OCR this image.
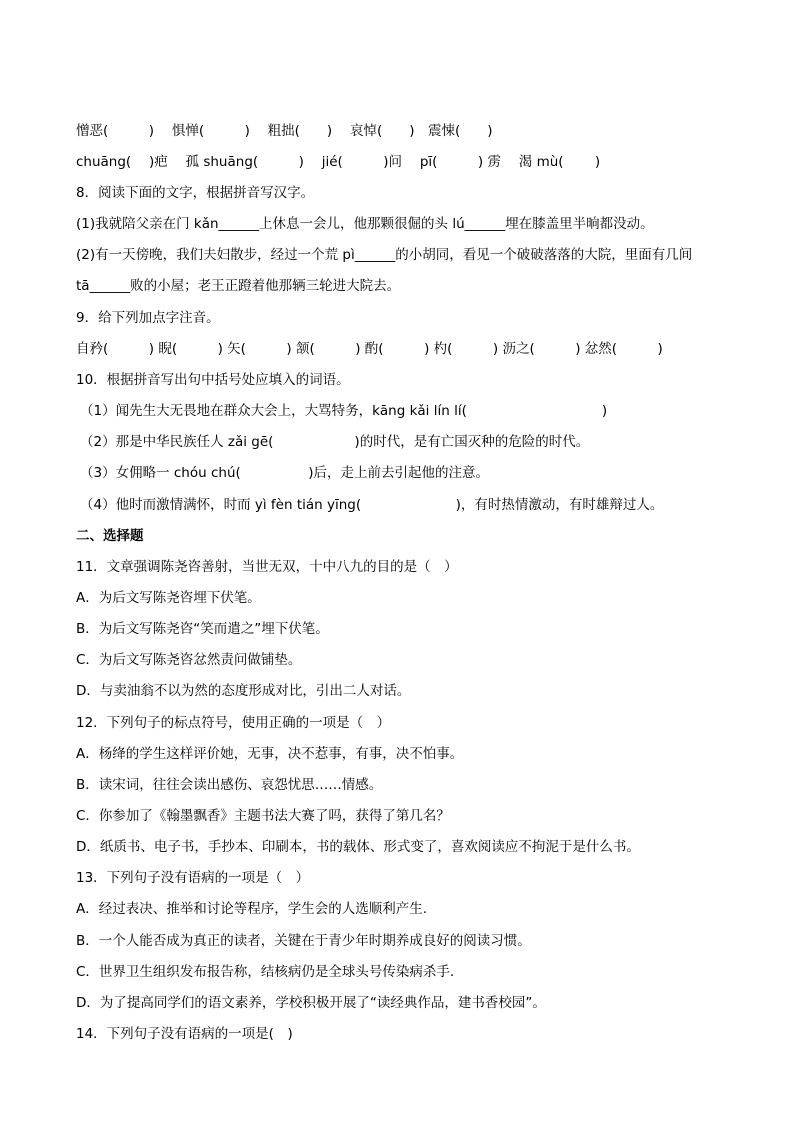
憎恶(　　　)　 惧惮(　　　)　 粗拙(　　)　 哀悼(　　)　震悚(　　)
chuāng(　 )疤　 孤 shuāng(　　　)　 jié(　　　)问　 pī(　　　) 雳　 渴 mù(　　 )
8．阅读下面的文字，根据拼音写汉字。
(1)我就陪父亲在门 kǎn______上休息一会儿，他那颗很倔的头 lú______埋在膝盖里半晌都没动。
(2)有一天傍晚，我们夫妇散步，经过一个荒 pì______的小胡同，看见一个破破落落的大院，里面有几间
tā______败的小屋；老王正蹬着他那辆三轮进大院去。
9．给下列加点字注音。
自矜(　　　) 睨(　　　) 矢(　　　) 颔(　　　) 酌(　　　) 杓(　　　) 沥之(　　　) 忿然(　　　)
10．根据拼音写出句中括号处应填入的词语。
（1）闻先生大无畏地在群众大会上，大骂特务，kāng kǎi lín lí(　　　　　　　　　　)
（2）那是中华民族任人 zǎi gē(　　　　　　)的时代，是有亡国灭种的危险的时代。
（3）女佣略一 chóu chú(　　　　　)后，走上前去引起他的注意。
（4）他时而激情满怀，时而 yì fèn tián yīng(　　　　　　　)，有时热情激动，有时雄辩过人。
二、选择题
11．文章强调陈尧咨善射，当世无双，十中八九的目的是（　）
A．为后文写陈尧咨埋下伏笔。
B．为后文写陈尧咨“笑而遣之”埋下伏笔。
C．为后文写陈尧咨忿然责问做铺垫。
D．与卖油翁不以为然的态度形成对比，引出二人对话。
12．下列句子的标点符号，使用正确的一项是（　）
A．杨绛的学生这样评价她，无事，决不惹事，有事，决不怕事。
B．读宋词，往往会读出感伤、哀怨忧思……情感。
C．你参加了《翰墨飘香》主题书法大赛了吗，获得了第几名？
D．纸质书、电子书，手抄本、印刷本，书的载体、形式变了，喜欢阅读应不拘泥于是什么书。
13．下列句子没有语病的一项是（　）
A．经过表决、推举和讨论等程序，学生会的人选顺利产生.
B．一个人能否成为真正的读者，关键在于青少年时期养成良好的阅读习惯。
C．世界卫生组织发布报告称，结核病仍是全球头号传染病杀手.
D．为了提高同学们的语文素养，学校积极开展了“读经典作品，建书香校园”。
14．下列句子没有语病的一项是(　)
